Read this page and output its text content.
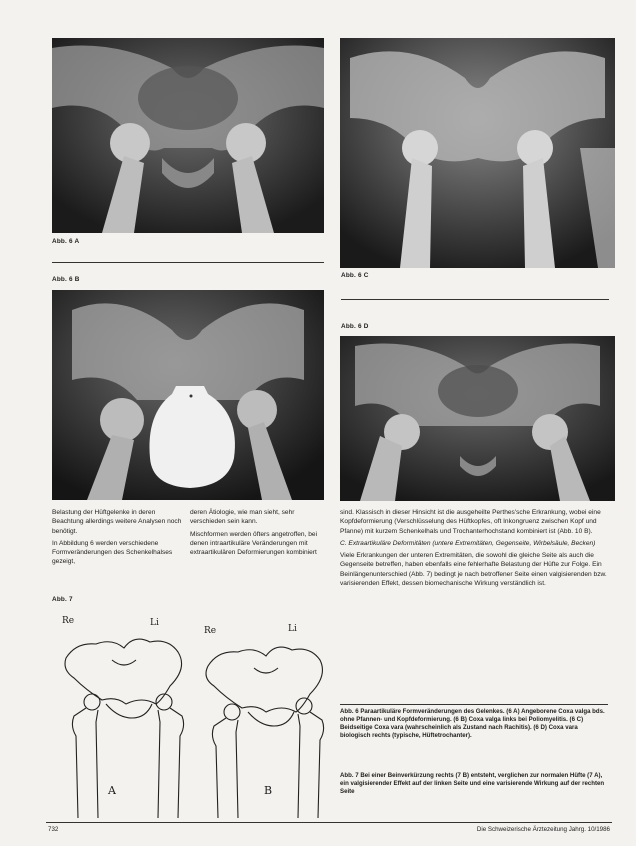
Abb. 6 A
Abb. 6 C
Abb. 6 B
Abb. 6 D

Belastung der Hüftgelenke in deren Beachtung allerdings weitere Analysen noch benötigt.

In Abbildung 6 werden verschiedene Formveränderungen des Schenkelhalses gezeigt,

deren Ätiologie, wie man sieht, sehr verschieden sein kann.

Mischformen werden öfters angetroffen, bei denen intraartikuläre Veränderungen mit extraartikulären Deformierungen kombiniert

sind. Klassisch in dieser Hinsicht ist die ausgeheilte Perthes'sche Erkrankung, wobei eine Kopfdeformierung (Verschlüsselung des Hüftkopfes, oft Inkongruenz zwischen Kopf und Pfanne) mit kurzem Schenkelhals und Trochanterhochstand kombiniert ist (Abb. 10 B).

C. Extraartikuläre Deformitäten (untere Extremitäten, Gegenseite, Wirbelsäule, Becken)

Viele Erkrankungen der unteren Extremitäten, die sowohl die gleiche Seite als auch die Gegenseite betreffen, haben ebenfalls eine fehlerhafte Belastung der Hüfte zur Folge. Ein Beinlängenunterschied (Abb. 7) bedingt je nach betroffener Seite einen valgisierenden bzw. varisierenden Effekt, dessen biomechanische Wirkung verständlich ist.

Abb. 6 Paraartikuläre Formveränderungen des Gelenkes. (6 A) Angeborene Coxa valga bds. ohne Pfannen- und Kopfdeformierung. (6 B) Coxa valga links bei Poliomyelitis. (6 C) Beidseitige Coxa vara (wahrscheinlich als Zustand nach Rachitis). (6 D) Coxa vara biologisch rechts (typische, Hüftetrochanter).
Abb. 7 Bei einer Beinverkürzung rechts (7 B) entsteht, verglichen zur normalen Hüfte (7 A), ein valgisierender Effekt auf der linken Seite und eine varisierende Wirkung auf der rechten Seite
Abb. 7
Re	Li
A
Re	Li
B
732	Die Schweizerische Ärztezeitung Jahrg. 10/1986
